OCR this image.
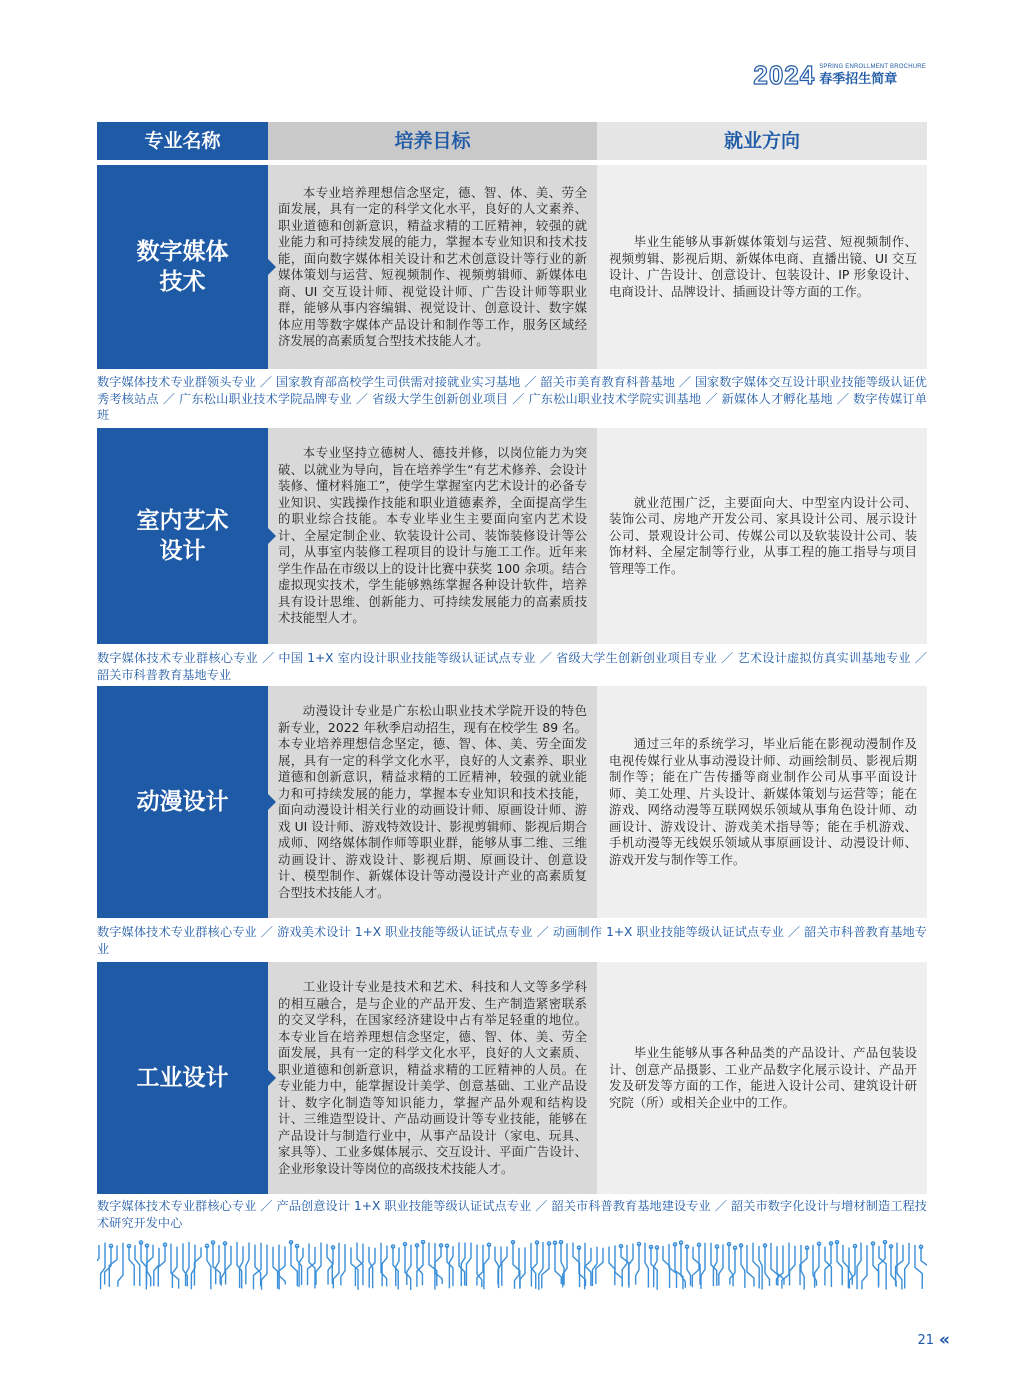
2024 SPRING ENROLLMENT BROCHURE
春季招生简章
专业名称	培养目标	就业方向
数字媒体
技术

本专业培养理想信念坚定，德、智、体、美、劳全面发展，具有一定的科学文化水平，良好的人文素养、职业道德和创新意识，精益求精的工匠精神，较强的就业能力和可持续发展的能力，掌握本专业知识和技术技能，面向数字媒体相关设计和艺术创意设计等行业的新媒体策划与运营、短视频制作、视频剪辑师、新媒体电商、UI 交互设计师、视觉设计师、广告设计师等职业群，能够从事内容编辑、视觉设计、创意设计、数字媒体应用等数字媒体产品设计和制作等工作，服务区域经济发展的高素质复合型技术技能人才。

毕业生能够从事新媒体策划与运营、短视频制作、视频剪辑、影视后期、新媒体电商、直播出镜、UI 交互设计、广告设计、创意设计、包装设计、IP 形象设计、电商设计、品牌设计、插画设计等方面的工作。

数字媒体技术专业群领头专业 ／ 国家教育部高校学生司供需对接就业实习基地 ／ 韶关市美育教育科普基地 ／ 国家数字媒体交互设计职业技能等级认证优秀考核站点 ／ 广东松山职业技术学院品牌专业 ／ 省级大学生创新创业项目 ／ 广东松山职业技术学院实训基地 ／ 新媒体人才孵化基地 ／ 数字传媒订单班
室内艺术
设计

本专业坚持立德树人、德技并修，以岗位能力为突破、以就业为导向，旨在培养学生“有艺术修养、会设计装修、懂材料施工”，使学生掌握室内艺术设计的必备专业知识、实践操作技能和职业道德素养，全面提高学生的职业综合技能。本专业毕业生主要面向室内艺术设计、全屋定制企业、软装设计公司、装饰装修设计等公司，从事室内装修工程项目的设计与施工工作。近年来学生作品在市级以上的设计比赛中获奖 100 余项。结合虚拟现实技术，学生能够熟练掌握各种设计软件，培养具有设计思维、创新能力、可持续发展能力的高素质技术技能型人才。

就业范围广泛，主要面向大、中型室内设计公司、装饰公司、房地产开发公司、家具设计公司、展示设计公司、景观设计公司、传媒公司以及软装设计公司、装饰材料、全屋定制等行业，从事工程的施工指导与项目管理等工作。

数字媒体技术专业群核心专业 ／ 中国 1+X 室内设计职业技能等级认证试点专业 ／ 省级大学生创新创业项目专业 ／ 艺术设计虚拟仿真实训基地专业 ／ 韶关市科普教育基地专业
动漫设计

动漫设计专业是广东松山职业技术学院开设的特色新专业，2022 年秋季启动招生，现有在校学生 89 名。本专业培养理想信念坚定，德、智、体、美、劳全面发展，具有一定的科学文化水平，良好的人文素养、职业道德和创新意识，精益求精的工匠精神，较强的就业能力和可持续发展的能力，掌握本专业知识和技术技能，面向动漫设计相关行业的动画设计师、原画设计师、游戏 UI 设计师、游戏特效设计、影视剪辑师、影视后期合成师、网络媒体制作师等职业群，能够从事二维、三维动画设计、游戏设计、影视后期、原画设计、创意设计、模型制作、新媒体设计等动漫设计产业的高素质复合型技术技能人才。

通过三年的系统学习，毕业后能在影视动漫制作及电视传媒行业从事动漫设计师、动画绘制员、影视后期制作等；能在广告传播等商业制作公司从事平面设计师、美工处理、片头设计、新媒体策划与运营等；能在游戏、网络动漫等互联网娱乐领域从事角色设计师、动画设计、游戏设计、游戏美术指导等；能在手机游戏、手机动漫等无线娱乐领域从事原画设计、动漫设计师、游戏开发与制作等工作。

数字媒体技术专业群核心专业 ／ 游戏美术设计 1+X 职业技能等级认证试点专业 ／ 动画制作 1+X 职业技能等级认证试点专业 ／ 韶关市科普教育基地专业
工业设计

工业设计专业是技术和艺术、科技和人文等多学科的相互融合，是与企业的产品开发、生产制造紧密联系的交叉学科，在国家经济建设中占有举足轻重的地位。本专业旨在培养理想信念坚定，德、智、体、美、劳全面发展，具有一定的科学文化水平，良好的人文素质、职业道德和创新意识，精益求精的工匠精神的人员。在专业能力中，能掌握设计美学、创意基础、工业产品设计、数字化制造等知识能力，掌握产品外观和结构设计、三维造型设计、产品动画设计等专业技能，能够在产品设计与制造行业中，从事产品设计（家电、玩具、家具等）、工业多媒体展示、交互设计、平面广告设计、企业形象设计等岗位的高级技术技能人才。

毕业生能够从事各种品类的产品设计、产品包装设计、创意产品摄影、工业产品数字化展示设计、产品开发及研发等方面的工作，能进入设计公司、建筑设计研究院（所）或相关企业中的工作。

数字媒体技术专业群核心专业 ／ 产品创意设计 1+X 职业技能等级认证试点专业 ／ 韶关市科普教育基地建设专业 ／ 韶关市数字化设计与增材制造工程技术研究开发中心
21 «
